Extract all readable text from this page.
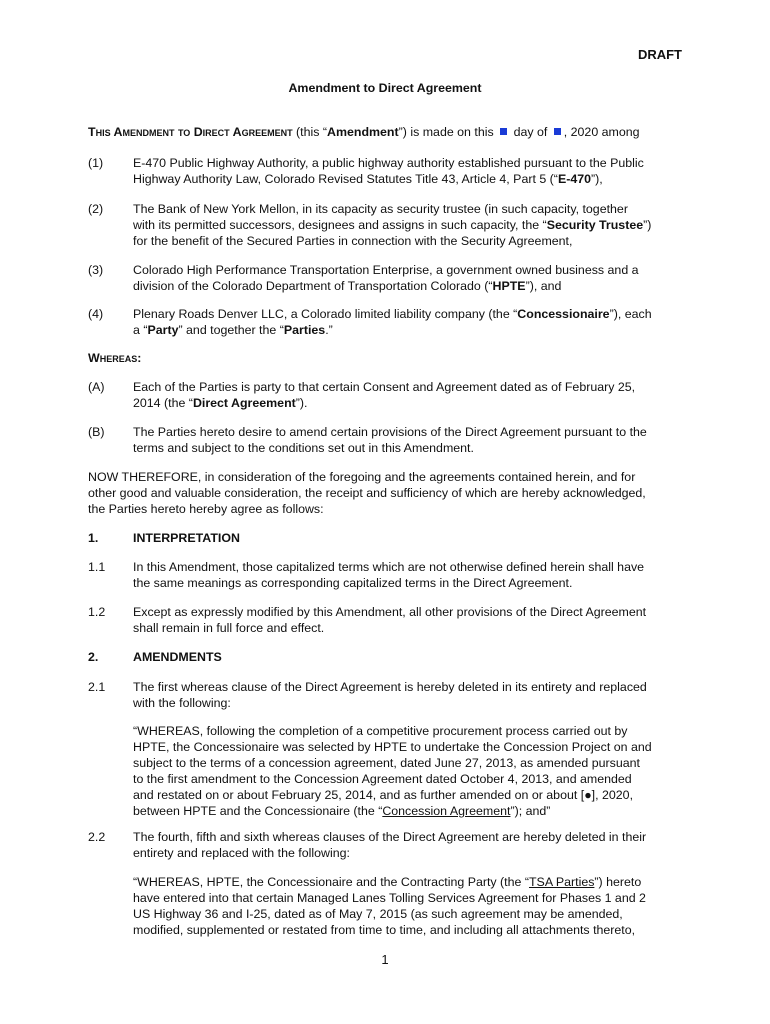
DRAFT
Amendment to Direct Agreement
This Amendment to Direct Agreement (this “Amendment”) is made on this  day of , 2020 among
(1) E-470 Public Highway Authority, a public highway authority established pursuant to the Public
Highway Authority Law, Colorado Revised Statutes Title 43, Article 4, Part 5 (“E-470”),
(2) The Bank of New York Mellon, in its capacity as security trustee (in such capacity, together
with its permitted successors, designees and assigns in such capacity, the “Security Trustee”)
for the benefit of the Secured Parties in connection with the Security Agreement,
(3) Colorado High Performance Transportation Enterprise, a government owned business and a
division of the Colorado Department of Transportation Colorado (“HPTE”), and
(4) Plenary Roads Denver LLC, a Colorado limited liability company (the “Concessionaire”), each
a “Party” and together the “Parties.”
Whereas:
(A) Each of the Parties is party to that certain Consent and Agreement dated as of February 25,
2014 (the “Direct Agreement”).
(B) The Parties hereto desire to amend certain provisions of the Direct Agreement pursuant to the
terms and subject to the conditions set out in this Amendment.
NOW THEREFORE, in consideration of the foregoing and the agreements contained herein, and for
other good and valuable consideration, the receipt and sufficiency of which are hereby acknowledged,
the Parties hereto hereby agree as follows:
1.	INTERPRETATION
1.1 In this Amendment, those capitalized terms which are not otherwise defined herein shall have
the same meanings as corresponding capitalized terms in the Direct Agreement.
1.2 Except as expressly modified by this Amendment, all other provisions of the Direct Agreement
shall remain in full force and effect.
2.	AMENDMENTS
2.1 The first whereas clause of the Direct Agreement is hereby deleted in its entirety and replaced
with the following:
“WHEREAS, following the completion of a competitive procurement process carried out by
HPTE, the Concessionaire was selected by HPTE to undertake the Concession Project on and
subject to the terms of a concession agreement, dated June 27, 2013, as amended pursuant
to the first amendment to the Concession Agreement dated October 4, 2013, and amended
and restated on or about February 25, 2014, and as further amended on or about [●], 2020,
between HPTE and the Concessionaire (the “Concession Agreement”); and”
2.2 The fourth, fifth and sixth whereas clauses of the Direct Agreement are hereby deleted in their
entirety and replaced with the following:
“WHEREAS, HPTE, the Concessionaire and the Contracting Party (the “TSA Parties”) hereto
have entered into that certain Managed Lanes Tolling Services Agreement for Phases 1 and 2
US Highway 36 and I-25, dated as of May 7, 2015 (as such agreement may be amended,
modified, supplemented or restated from time to time, and including all attachments thereto,
1
